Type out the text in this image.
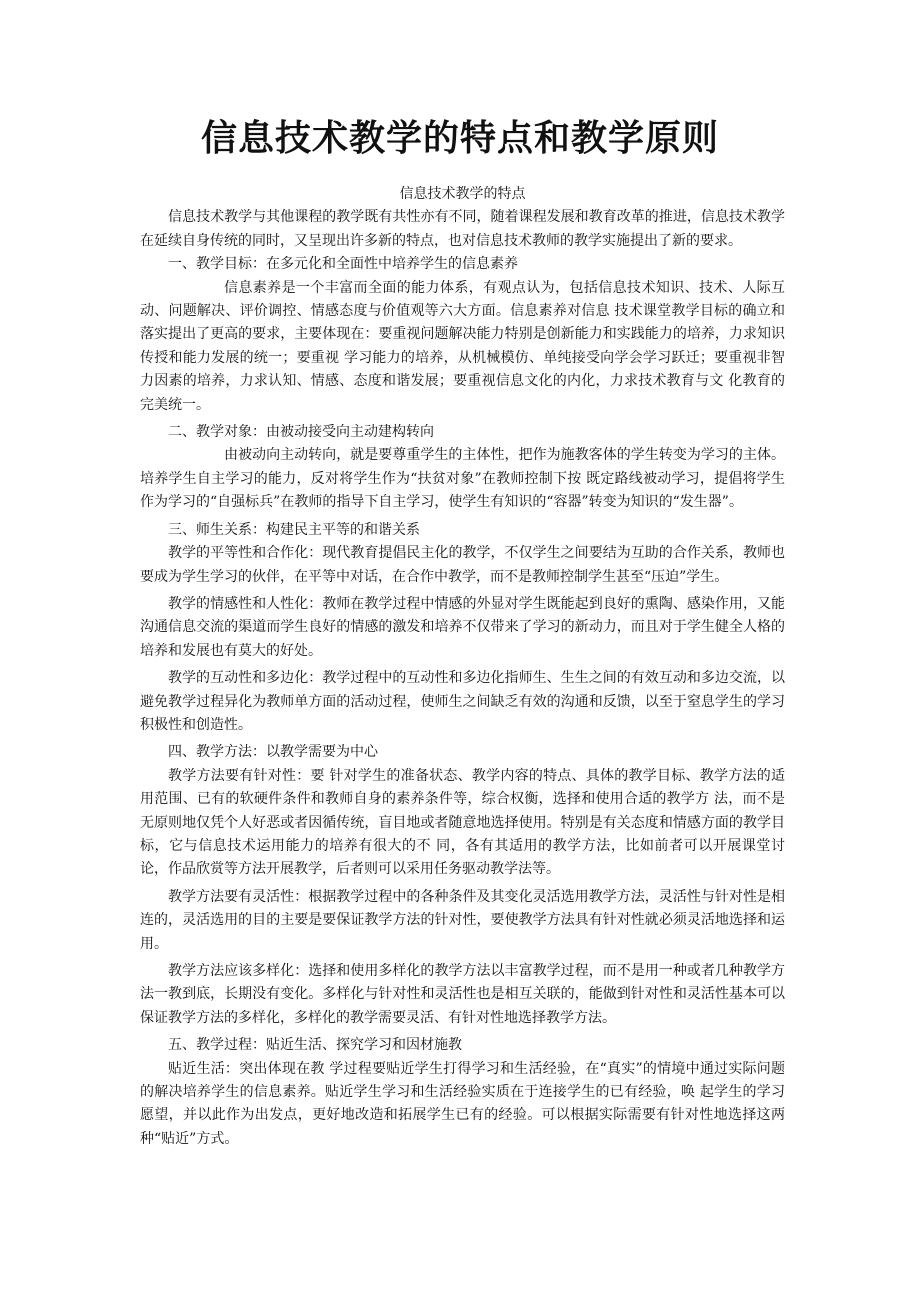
信息技术教学的特点和教学原则

信息技术教学的特点

信息技术教学与其他课程的教学既有共性亦有不同，随着课程发展和教育改革的推进，信息技术教学在延续自身传统的同时，又呈现出许多新的特点，也对信息技术教师的教学实施提出了新的要求。

一、教学目标：在多元化和全面性中培养学生的信息素养

信息素养是一个丰富而全面的能力体系，有观点认为，包括信息技术知识、技术、人际互动、问题解决、评价调控、情感态度与价值观等六大方面。信息素养对信息 技术课堂教学目标的确立和落实提出了更高的要求，主要体现在：要重视问题解决能力特别是创新能力和实践能力的培养，力求知识传授和能力发展的统一；要重视 学习能力的培养，从机械模仿、单纯接受向学会学习跃迁；要重视非智力因素的培养，力求认知、情感、态度和谐发展；要重视信息文化的内化，力求技术教育与文 化教育的完美统一。

二、教学对象：由被动接受向主动建构转向

由被动向主动转向，就是要尊重学生的主体性，把作为施教客体的学生转变为学习的主体。培养学生自主学习的能力，反对将学生作为“扶贫对象”在教师控制下按 既定路线被动学习，提倡将学生作为学习的“自强标兵”在教师的指导下自主学习，使学生有知识的“容器”转变为知识的“发生器”。

三、师生关系：构建民主平等的和谐关系

教学的平等性和合作化：现代教育提倡民主化的教学，不仅学生之间要结为互助的合作关系，教师也要成为学生学习的伙伴，在平等中对话，在合作中教学，而不是教师控制学生甚至“压迫”学生。

教学的情感性和人性化：教师在教学过程中情感的外显对学生既能起到良好的熏陶、感染作用，又能沟通信息交流的渠道而学生良好的情感的激发和培养不仅带来了学习的新动力，而且对于学生健全人格的培养和发展也有莫大的好处。

教学的互动性和多边化：教学过程中的互动性和多边化指师生、生生之间的有效互动和多边交流，以避免教学过程异化为教师单方面的活动过程，使师生之间缺乏有效的沟通和反馈，以至于窒息学生的学习积极性和创造性。

四、教学方法：以教学需要为中心

教学方法要有针对性：要 针对学生的准备状态、教学内容的特点、具体的教学目标、教学方法的适用范围、已有的软硬件条件和教师自身的素养条件等，综合权衡，选择和使用合适的教学方 法，而不是无原则地仅凭个人好恶或者因循传统，盲目地或者随意地选择使用。特别是有关态度和情感方面的教学目标，它与信息技术运用能力的培养有很大的不 同，各有其适用的教学方法，比如前者可以开展课堂讨论，作品欣赏等方法开展教学，后者则可以采用任务驱动教学法等。

教学方法要有灵活性：根据教学过程中的各种条件及其变化灵活选用教学方法，灵活性与针对性是相连的，灵活选用的目的主要是要保证教学方法的针对性，要使教学方法具有针对性就必须灵活地选择和运用。

教学方法应该多样化：选择和使用多样化的教学方法以丰富教学过程，而不是用一种或者几种教学方法一教到底，长期没有变化。多样化与针对性和灵活性也是相互关联的，能做到针对性和灵活性基本可以保证教学方法的多样化，多样化的教学需要灵活、有针对性地选择教学方法。

五、教学过程：贴近生活、探究学习和因材施教

贴近生活：突出体现在教 学过程要贴近学生打得学习和生活经验，在“真实”的情境中通过实际问题的解决培养学生的信息素养。贴近学生学习和生活经验实质在于连接学生的已有经验，唤 起学生的学习愿望，并以此作为出发点，更好地改造和拓展学生已有的经验。可以根据实际需要有针对性地选择这两种“贴近”方式。
